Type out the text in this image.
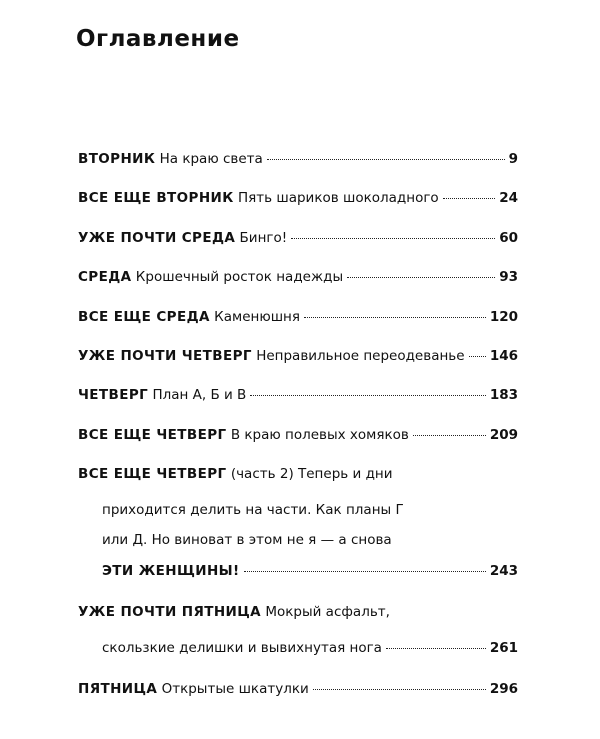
Оглавление
ВТОРНИК На краю света	9
ВСЕ ЕЩЕ ВТОРНИК Пять шариков шоколадного	24
УЖЕ ПОЧТИ СРЕДА Бинго!	60
СРЕДА Крошечный росток надежды	93
ВСЕ ЕЩЕ СРЕДА Каменюшня	120
УЖЕ ПОЧТИ ЧЕТВЕРГ Неправильное переодеванье 146
ЧЕТВЕРГ План А, Б и В	183
ВСЕ ЕЩЕ ЧЕТВЕРГ В краю полевых хомяков	209
ВСЕ ЕЩЕ ЧЕТВЕРГ (часть 2) Теперь и дни
приходится делить на части. Как планы Г
или Д. Но виноват в этом не я — а снова
ЭТИ ЖЕНЩИНЫ!	243
УЖЕ ПОЧТИ ПЯТНИЦА Мокрый асфальт,
скользкие делишки и вывихнутая нога	261
ПЯТНИЦА Открытые шкатулки	296
